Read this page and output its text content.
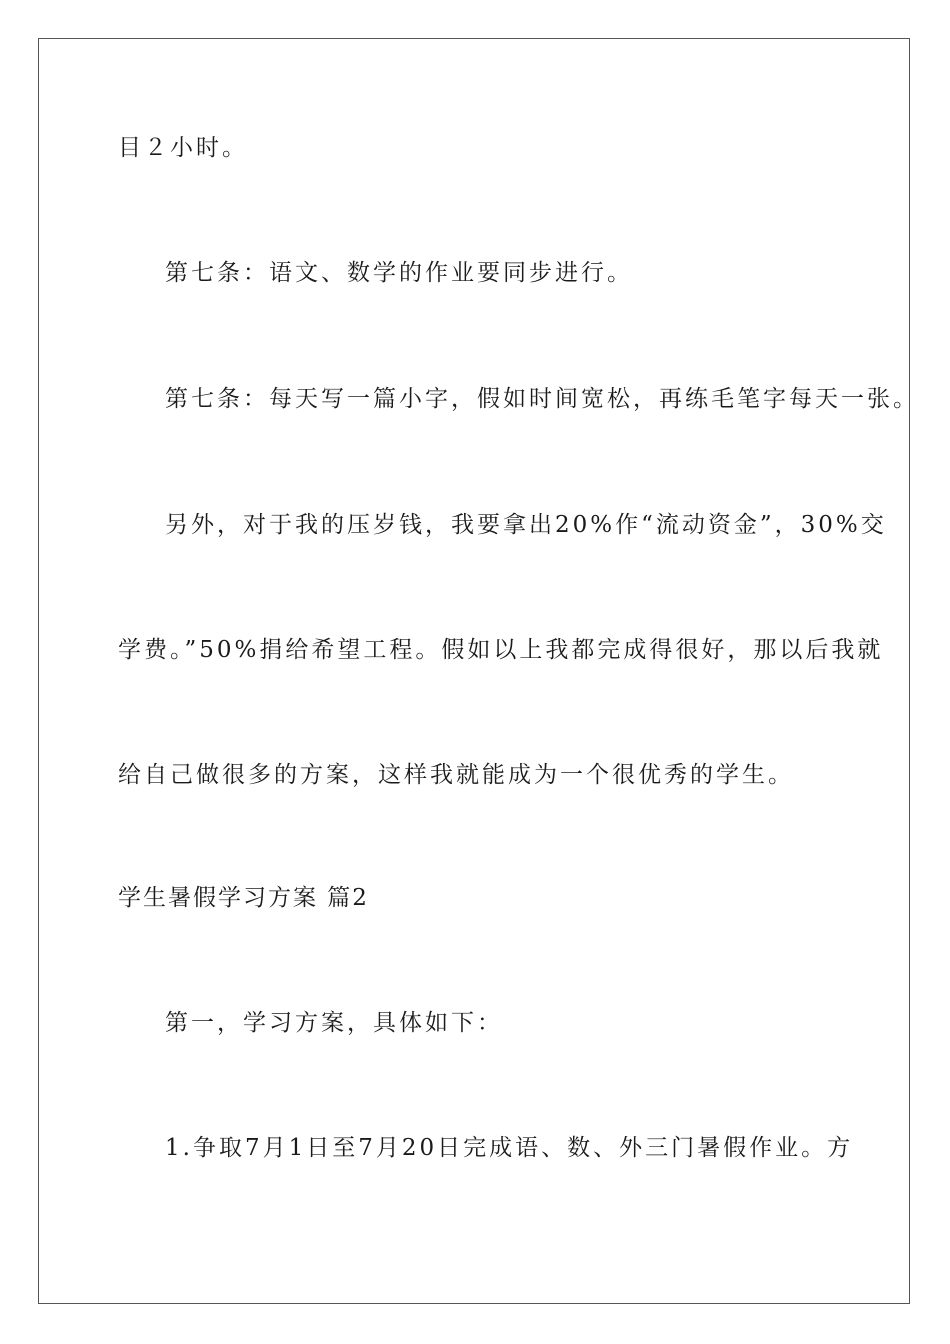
目２小时。
第七条：语文、数学的作业要同步进行。
第七条：每天写一篇小字，假如时间宽松，再练毛笔字每天一张。
另外，对于我的压岁钱，我要拿出20%作“流动资金”，30%交
学费。”50%捐给希望工程。假如以上我都完成得很好，那以后我就
给自己做很多的方案，这样我就能成为一个很优秀的学生。
学生暑假学习方案 篇2
第一，学习方案，具体如下：
1.争取7月1日至7月20日完成语、数、外三门暑假作业。方
